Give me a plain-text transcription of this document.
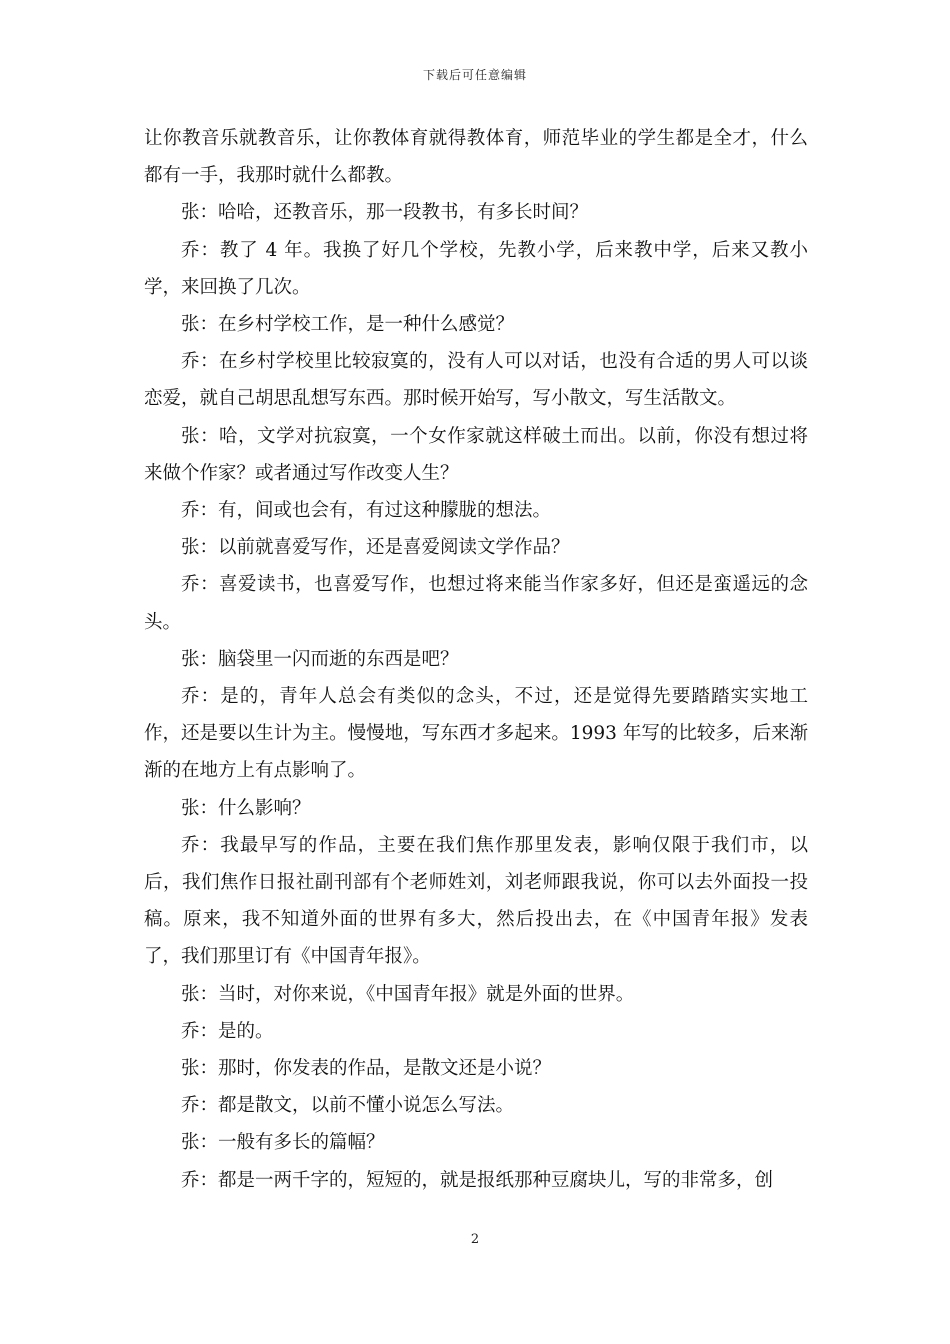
下载后可任意编辑

让你教音乐就教音乐，让你教体育就得教体育，师范毕业的学生都是全才，什么都有一手，我那时就什么都教。

张：哈哈，还教音乐，那一段教书，有多长时间？

乔：教了 4 年。我换了好几个学校，先教小学，后来教中学，后来又教小学，来回换了几次。

张：在乡村学校工作，是一种什么感觉？

乔：在乡村学校里比较寂寞的，没有人可以对话，也没有合适的男人可以谈恋爱，就自己胡思乱想写东西。那时候开始写，写小散文，写生活散文。

张：哈，文学对抗寂寞，一个女作家就这样破土而出。以前，你没有想过将来做个作家？或者通过写作改变人生？

乔：有，间或也会有，有过这种朦胧的想法。

张：以前就喜爱写作，还是喜爱阅读文学作品？

乔：喜爱读书，也喜爱写作，也想过将来能当作家多好，但还是蛮遥远的念头。

张：脑袋里一闪而逝的东西是吧？

乔：是的，青年人总会有类似的念头，不过，还是觉得先要踏踏实实地工作，还是要以生计为主。慢慢地，写东西才多起来。1993 年写的比较多，后来渐渐的在地方上有点影响了。

张：什么影响？

乔：我最早写的作品，主要在我们焦作那里发表，影响仅限于我们市，以后，我们焦作日报社副刊部有个老师姓刘，刘老师跟我说，你可以去外面投一投稿。原来，我不知道外面的世界有多大，然后投出去，在《中国青年报》发表了，我们那里订有《中国青年报》。

张：当时，对你来说，《中国青年报》就是外面的世界。

乔：是的。

张：那时，你发表的作品，是散文还是小说？

乔：都是散文，以前不懂小说怎么写法。

张：一般有多长的篇幅？

乔：都是一两千字的，短短的，就是报纸那种豆腐块儿，写的非常多，创

2
